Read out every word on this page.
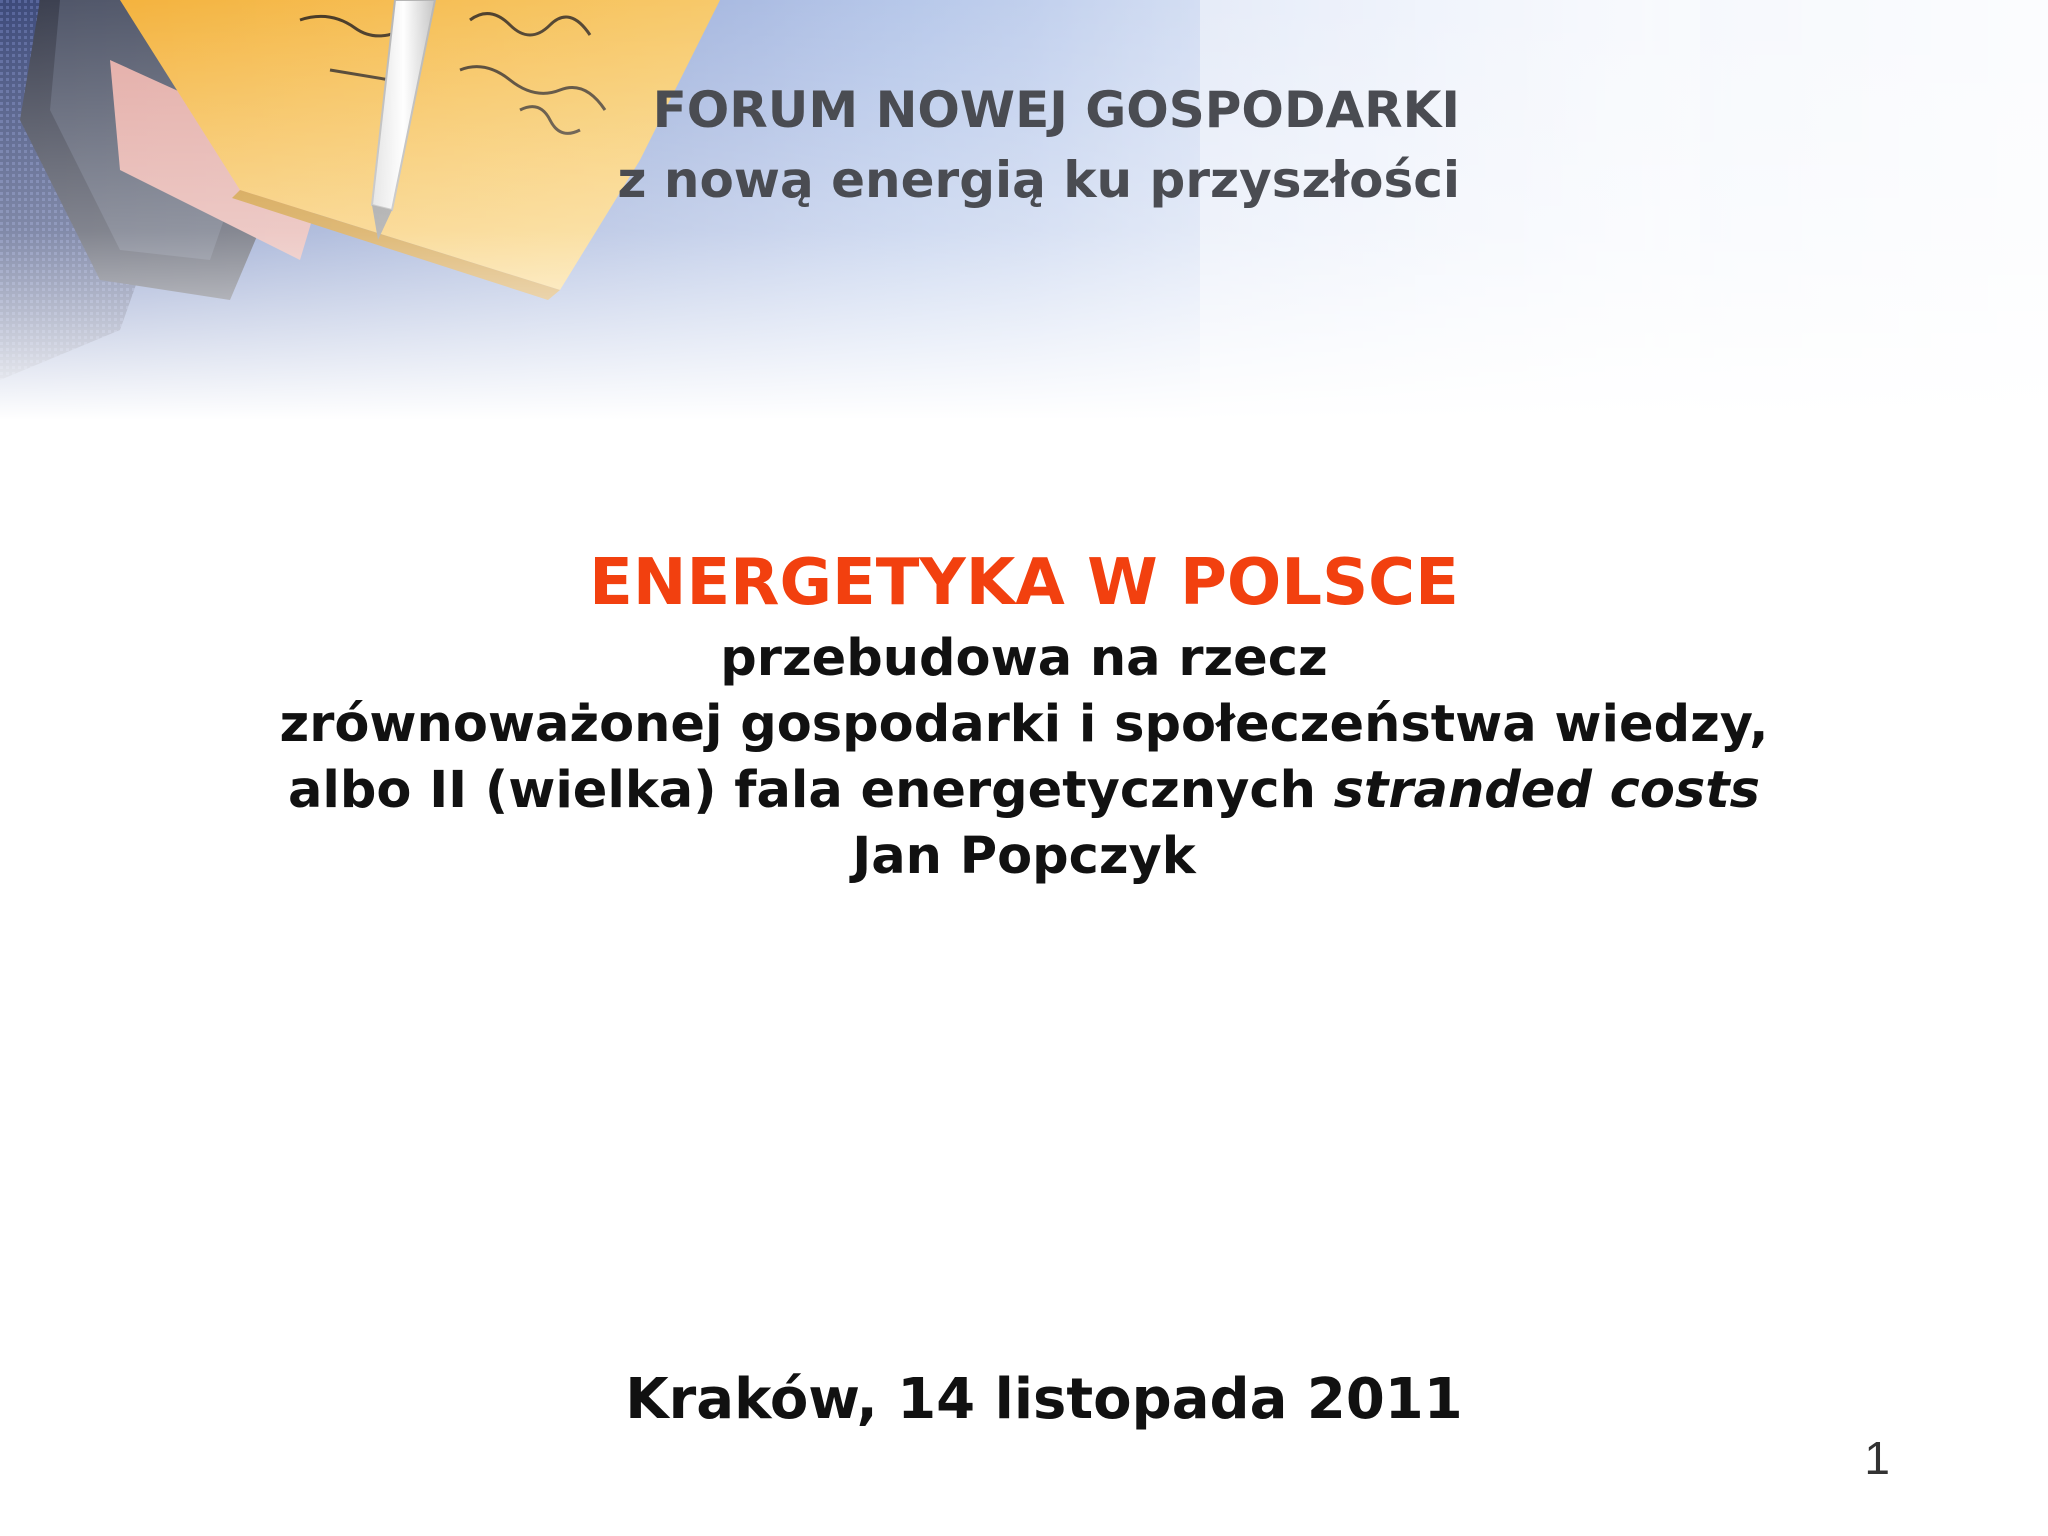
FORUM NOWEJ GOSPODARKI
z nową energią ku przyszłości
ENERGETYKA W POLSCE
przebudowa na rzecz
zrównoważonej gospodarki i społeczeństwa wiedzy,
albo II (wielka) fala energetycznych stranded costs
Jan Popczyk
Kraków, 14 listopada 2011
1
